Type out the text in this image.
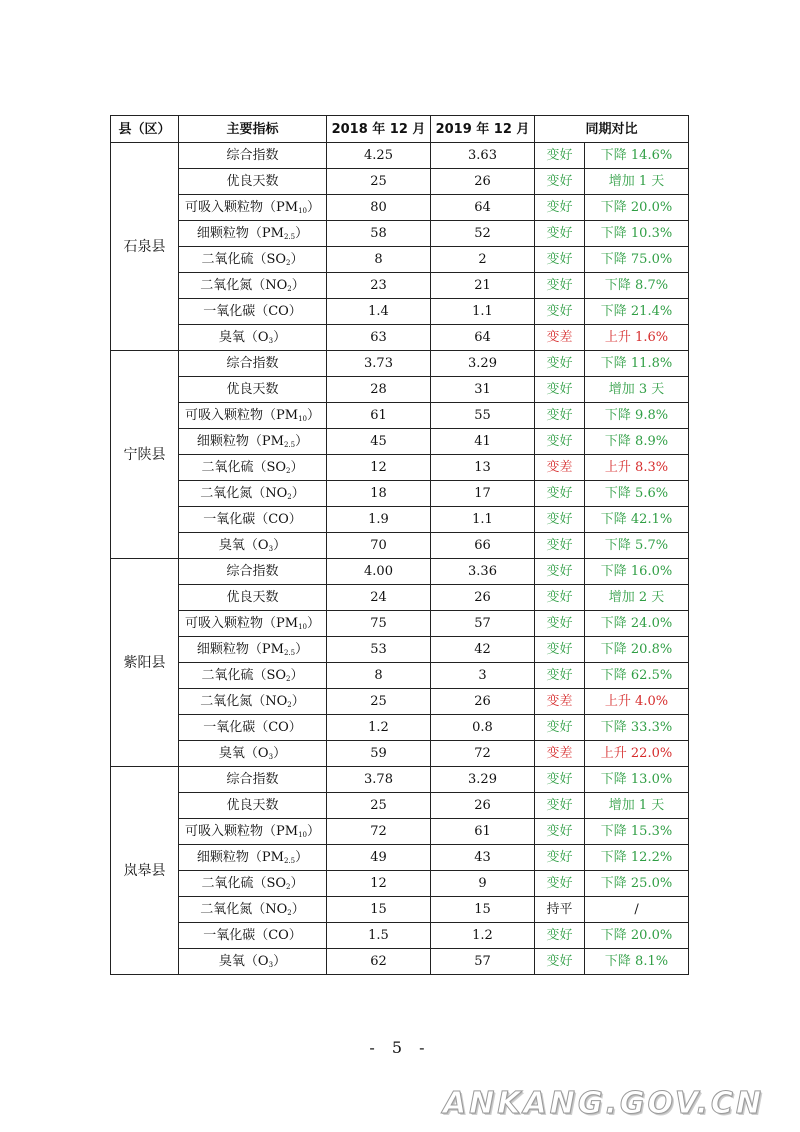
县（区）	主要指标	2018 年 12 月	2019 年 12 月	同期对比	
石泉县	综合指数	4.25	3.63	变好	下降 14.6%
	优良天数	25	26	变好	增加 1 天
	可吸入颗粒物$(PM_{10})$	80	64	变好	下降 20.0%
	细颗粒物$(PM_{2.5})$	58	52	变好	下降 10.3%
	二氧化硫$(SO_2)$	8	2	变好	下降 75.0%
	二氧化氮$(NO_2)$	23	21	变好	下降 8.7%
	一氧化碳（CO）	1.4	1.1	变好	下降 21.4%
	臭氧$(O_3)$	63	64	变差	上升 1.6%
宁陕县	综合指数	3.73	3.29	变好	下降 11.8%
	优良天数	28	31	变好	增加 3 天
	可吸入颗粒物$(PM_{10})$	61	55	变好	下降 9.8%
	细颗粒物$(PM_{2.5})$	45	41	变好	下降 8.9%
	二氧化硫$(SO_2)$	12	13	变差	上升 8.3%
	二氧化氮$(NO_2)$	18	17	变好	下降 5.6%
	一氧化碳（CO）	1.9	1.1	变好	下降 42.1%
	臭氧$(O_3)$	70	66	变好	下降 5.7%
紫阳县	综合指数	4.00	3.36	变好	下降 16.0%
	优良天数	24	26	变好	增加 2 天
	可吸入颗粒物$(PM_{10})$	75	57	变好	下降 24.0%
	细颗粒物$(PM_{2.5})$	53	42	变好	下降 20.8%
	二氧化硫$(SO_2)$	8	3	变好	下降 62.5%
	二氧化氮$(NO_2)$	25	26	变差	上升 4.0%
	一氧化碳（CO）	1.2	0.8	变好	下降 33.3%
	臭氧$(O_3)$	59	72	变差	上升 22.0%
岚皋县	综合指数	3.78	3.29	变好	下降 13.0%
	优良天数	25	26	变好	增加 1 天
	可吸入颗粒物$(PM_{10})$	72	61	变好	下降 15.3%
	细颗粒物$(PM_{2.5})$	49	43	变好	下降 12.2%
	二氧化硫$(SO_2)$	12	9	变好	下降 25.0%
	二氧化氮$(NO_2)$	15	15	持平	/
	一氧化碳（CO）	1.5	1.2	变好	下降 20.0%
	臭氧$(O_3)$	62	57	变好	下降 8.1%
- 5 -
ANKANG.GOV.CN
